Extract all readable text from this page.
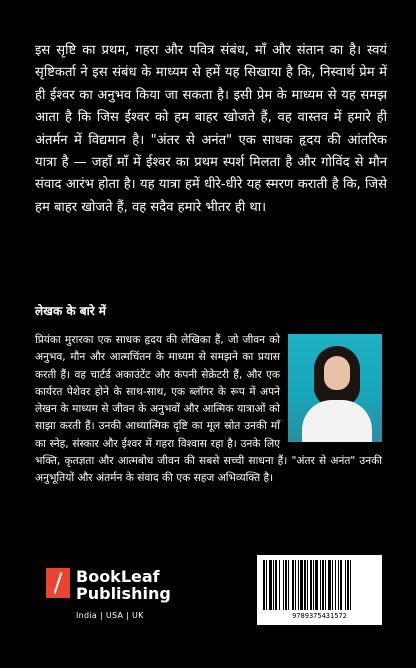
इस सृष्टि का प्रथम, गहरा और पवित्र संबंध, माँ और संतान का है। स्वयं सृष्टिकर्ता ने इस संबंध के माध्यम से हमें यह सिखाया है कि, निस्वार्थ प्रेम में ही ईश्वर का अनुभव किया जा सकता है। इसी प्रेम के माध्यम से यह समझ आता है कि जिस ईश्वर को हम बाहर खोजते हैं, वह वास्तव में हमारे ही अंतर्मन में विद्यमान है। "अंतर से अनंत" एक साधक हृदय की आंतरिक यात्रा है — जहाँ माँ में ईश्वर का प्रथम स्पर्श मिलता है और गोविंद से मौन संवाद आरंभ होता है। यह यात्रा हमें धीरे-धीरे यह स्मरण कराती है कि, जिसे हम बाहर खोजते हैं, वह सदैव हमारे भीतर ही था।

लेखक के बारे में

प्रियंका मुरारका एक साधक हृदय की लेखिका हैं, जो जीवन को अनुभव, मौन और आत्मचिंतन के माध्यम से समझने का प्रयास करती हैं। वह चार्टर्ड अकाउंटेंट और कंपनी सेक्रेटरी हैं, और एक कार्यरत पेशेवर होने के साथ-साथ, एक ब्लॉगर के रूप में अपने लेखन के माध्यम से जीवन के अनुभवों और आत्मिक यात्राओं को साझा करती हैं। उनकी आध्यात्मिक दृष्टि का मूल स्रोत उनकी माँ का स्नेह, संस्कार और ईश्वर में गहरा विश्वास रहा है। उनके लिए भक्ति, कृतज्ञता और आत्मबोध जीवन की सबसे सच्ची साधना हैं। "अंतर से अनंत" उनकी अनुभूतियों और अंतर्मन के संवाद की एक सहज अभिव्यक्ति है।

BookLeaf
Publishing
India | USA | UK	9789375431572
